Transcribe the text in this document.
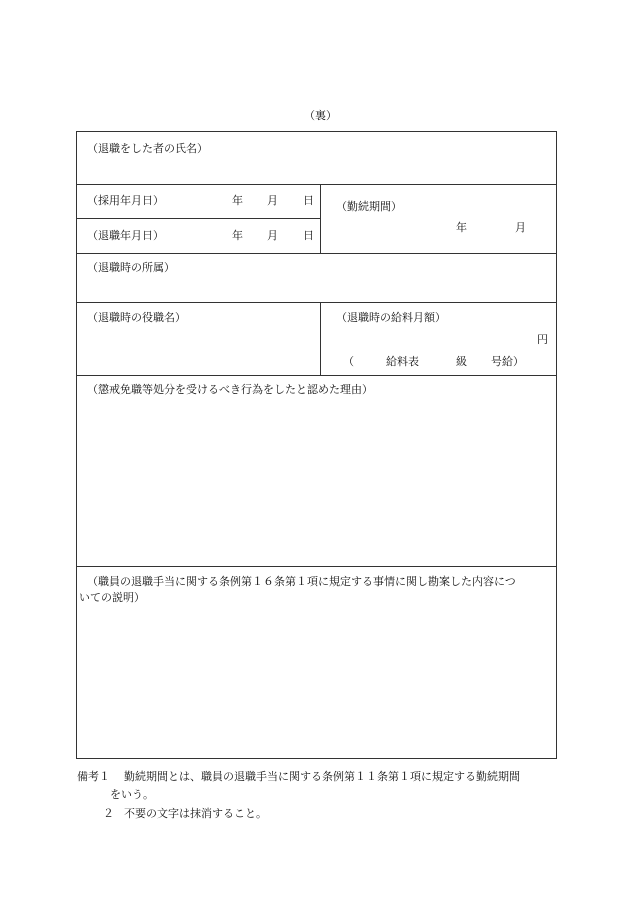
（裏）
（退職をした者の氏名）
（採用年月日）	年 月 日
（退職年月日）	年 月 日
（勤続期間）
年	月
（退職時の所属）
（退職時の役職名）	（退職時の給料月額）
円
（	給料表	級 号給）
（懲戒免職等処分を受けるべき行為をしたと認めた理由）
（職員の退職手当に関する条例第１６条第１項に規定する事情に関し勘案した内容につ
いての説明）
備考１ 勤続期間とは、職員の退職手当に関する条例第１１条第１項に規定する勤続期間
をいう。
２ 不要の文字は抹消すること。
